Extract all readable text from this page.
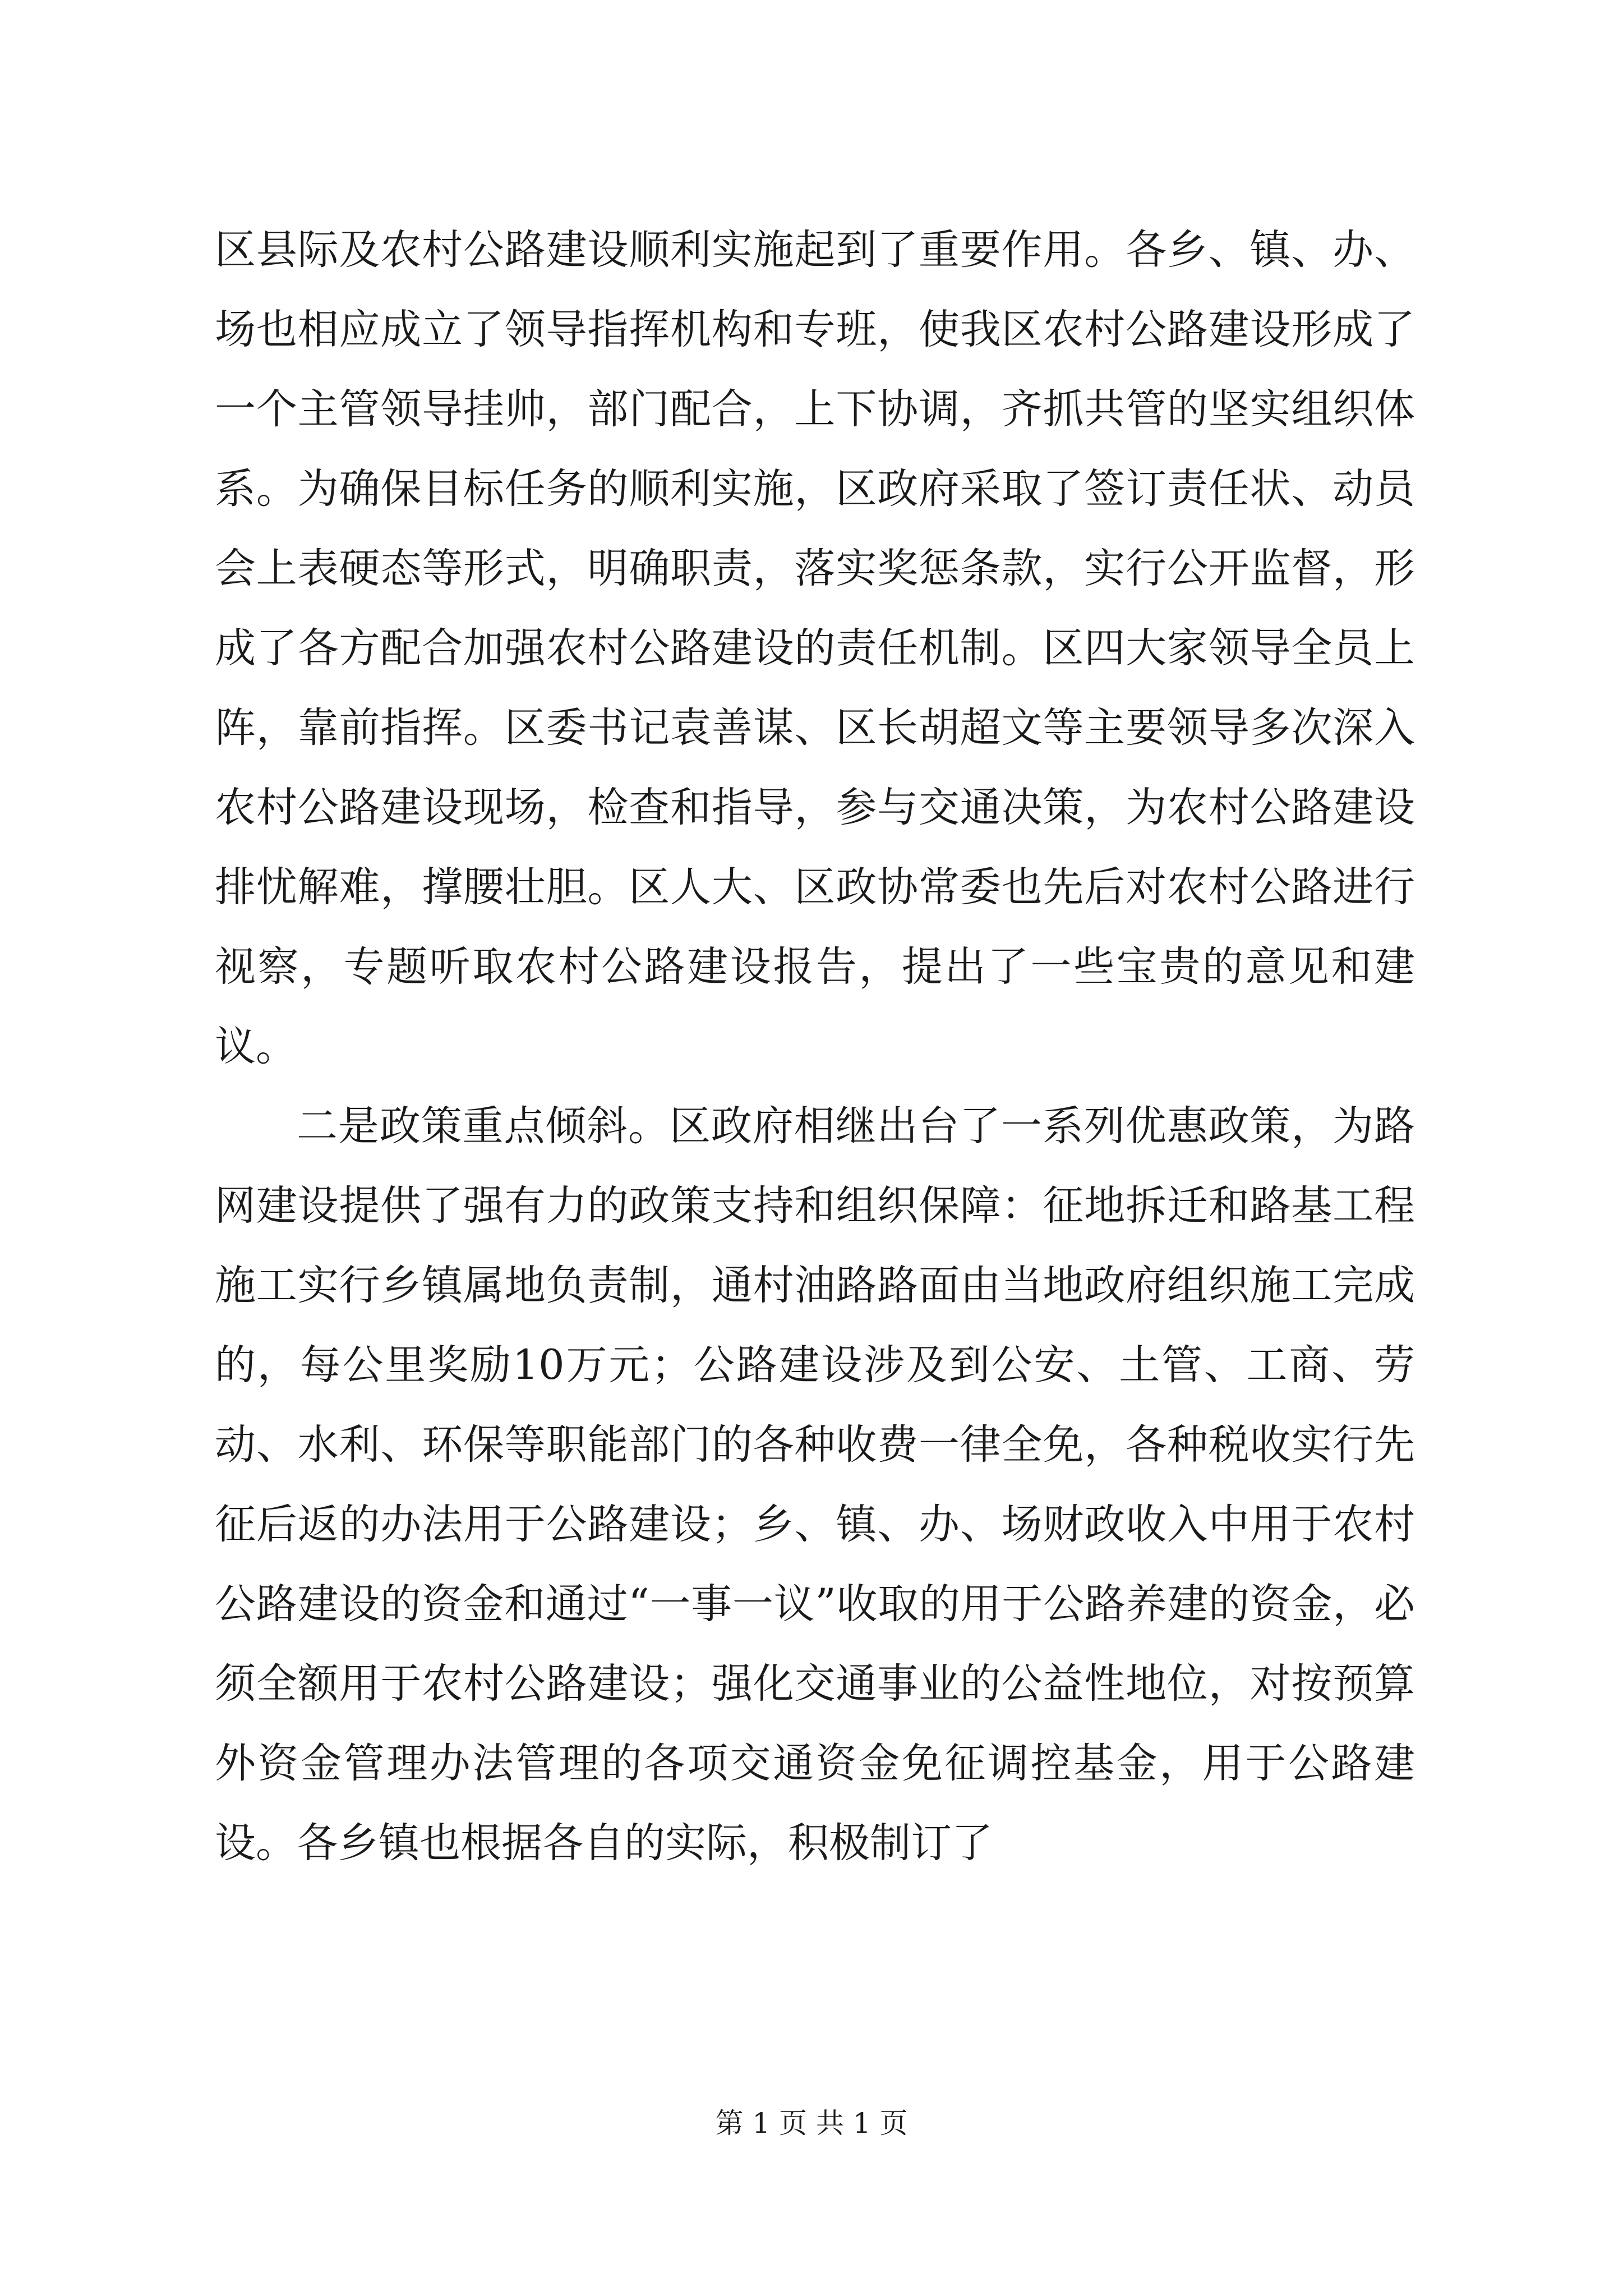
区县际及农村公路建设顺利实施起到了重要作用。各乡、镇、办、场也相应成立了领导指挥机构和专班，使我区农村公路建设形成了一个主管领导挂帅，部门配合，上下协调，齐抓共管的坚实组织体系。为确保目标任务的顺利实施，区政府采取了签订责任状、动员会上表硬态等形式，明确职责，落实奖惩条款，实行公开监督，形成了各方配合加强农村公路建设的责任机制。区四大家领导全员上阵，靠前指挥。区委书记袁善谋、区长胡超文等主要领导多次深入农村公路建设现场，检查和指导，参与交通决策，为农村公路建设排忧解难，撑腰壮胆。区人大、区政协常委也先后对农村公路进行视察，专题听取农村公路建设报告，提出了一些宝贵的意见和建议。

二是政策重点倾斜。区政府相继出台了一系列优惠政策，为路网建设提供了强有力的政策支持和组织保障：征地拆迁和路基工程施工实行乡镇属地负责制，通村油路路面由当地政府组织施工完成的，每公里奖励10万元；公路建设涉及到公安、土管、工商、劳动、水利、环保等职能部门的各种收费一律全免，各种税收实行先征后返的办法用于公路建设；乡、镇、办、场财政收入中用于农村公路建设的资金和通过“一事一议”收取的用于公路养建的资金，必须全额用于农村公路建设；强化交通事业的公益性地位，对按预算外资金管理办法管理的各项交通资金免征调控基金，用于公路建设。各乡镇也根据各自的实际，积极制订了

第 1 页 共 1 页
